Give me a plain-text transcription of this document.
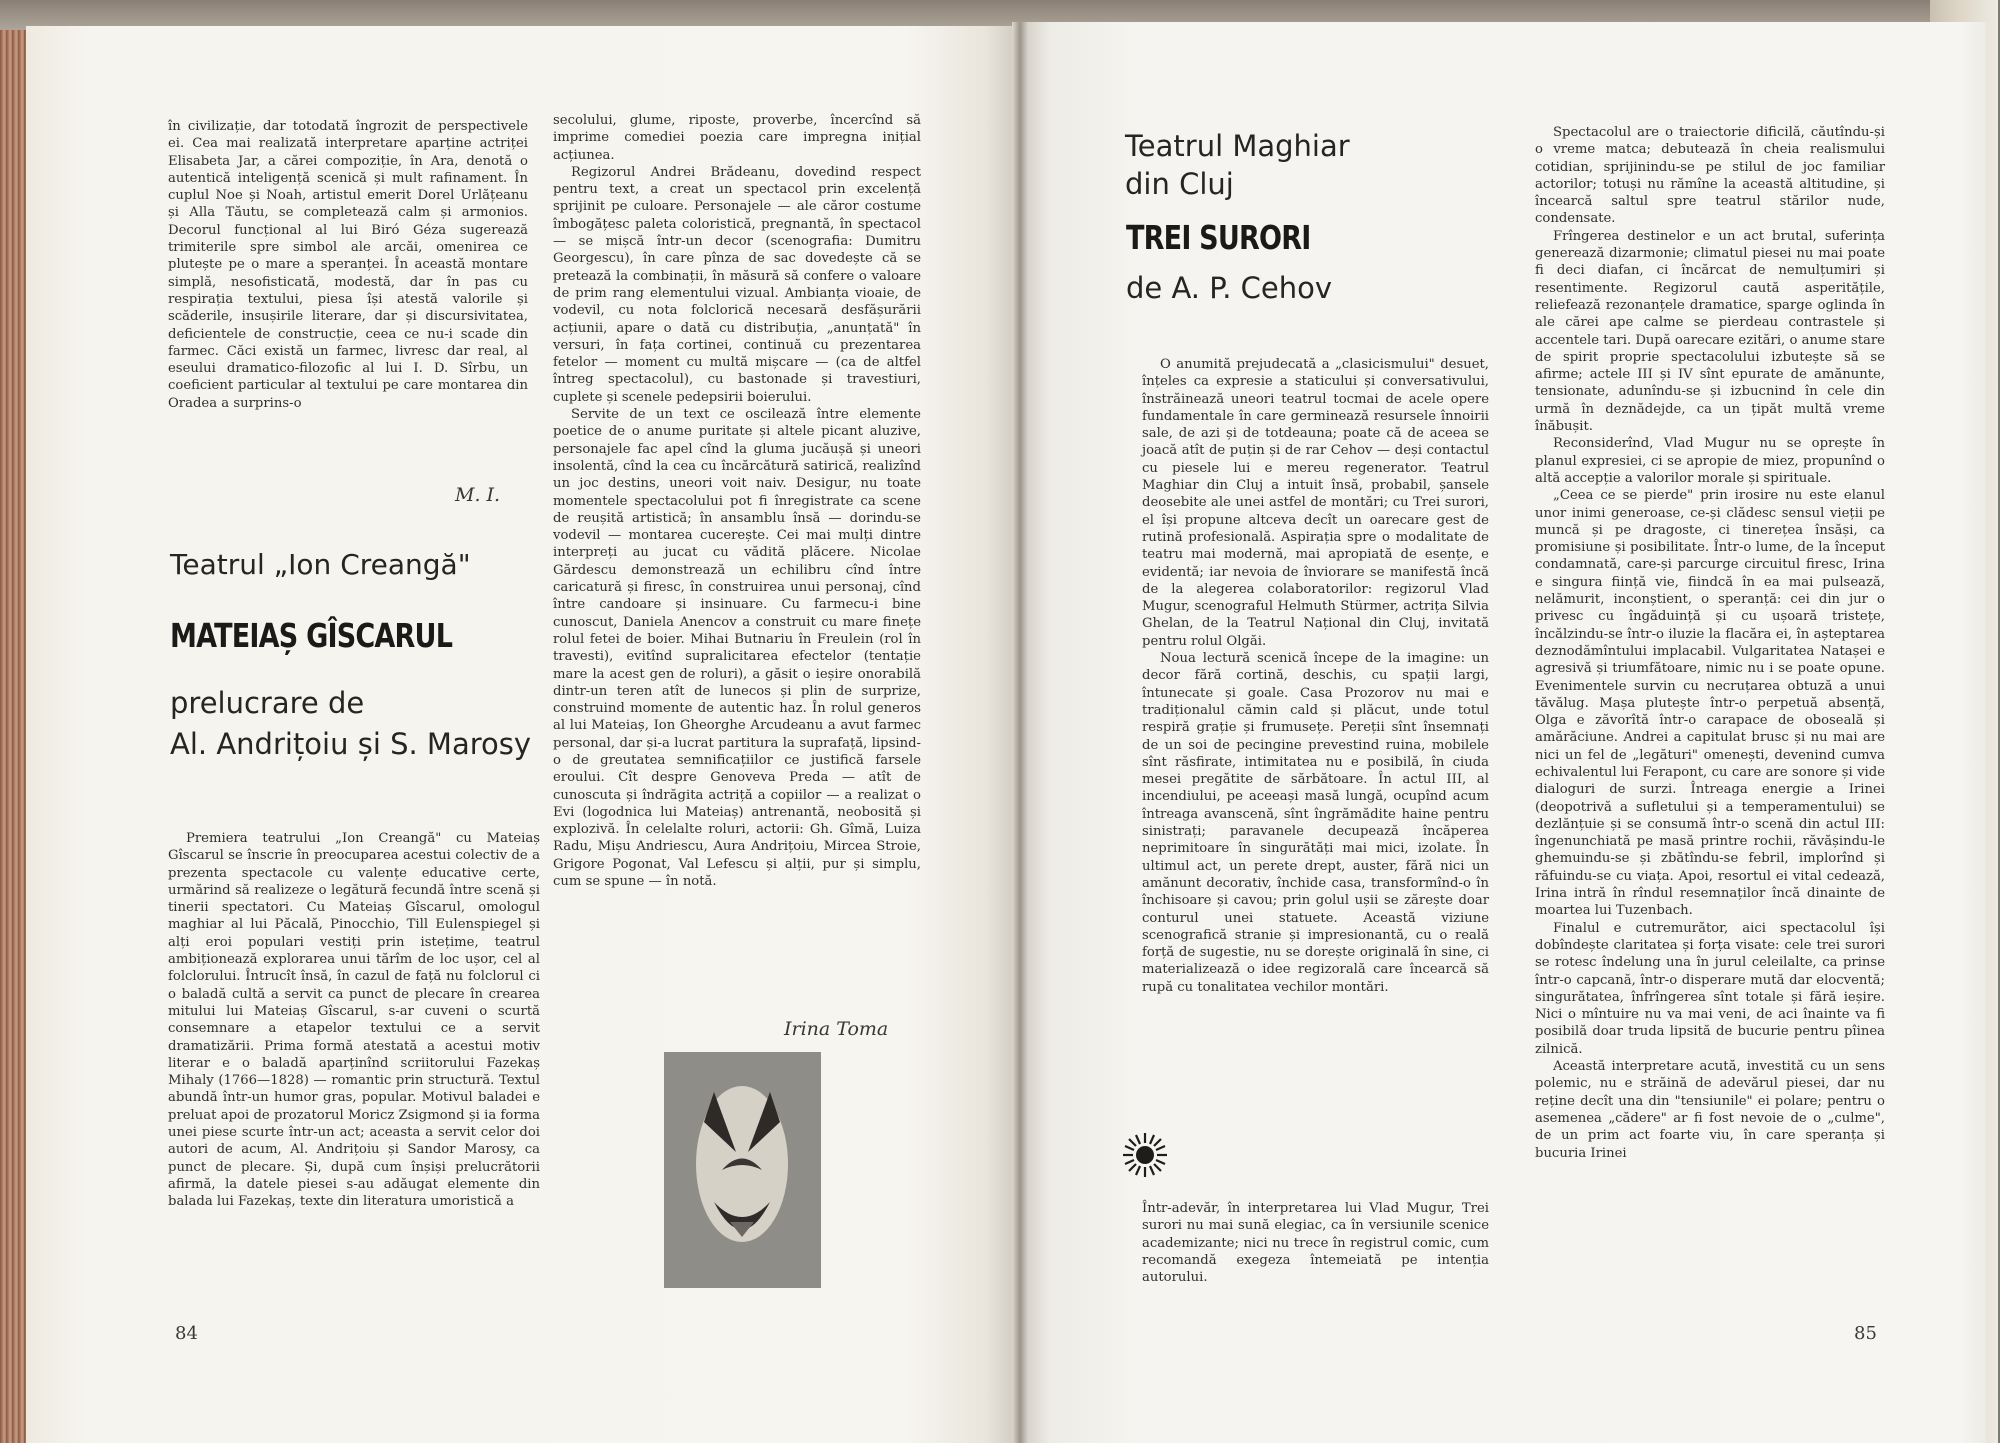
în civilizație, dar totodată îngrozit de perspectivele ei. Cea mai realizată interpretare aparține actriței Elisabeta Jar, a cărei compoziție, în Ara, denotă o autentică inteligență scenică și mult rafinament. În cuplul Noe și Noah, artistul emerit Dorel Urlățeanu și Alla Tăutu, se completează calm și armonios. Decorul funcțional al lui Biró Géza sugerează trimiterile spre simbol ale arcăi, omenirea ce plutește pe o mare a speranței. În această montare simplă, nesofisticată, modestă, dar în pas cu respirația textului, piesa își atestă valorile și scăderile, insușirile literare, dar și discursivitatea, deficientele de construcție, ceea ce nu-i scade din farmec. Căci există un farmec, livresc dar real, al eseului dramatico-filozofic al lui I. D. Sîrbu, un coeficient particular al textului pe care montarea din Oradea a surprins-o

M. I.
Teatrul „Ion Creangă"
MATEIAȘ GÎSCARUL
prelucrare de
Al. Andrițoiu și S. Marosy

Premiera teatrului „Ion Creangă" cu Mateiaș Gîscarul se înscrie în preocuparea acestui colectiv de a prezenta spectacole cu valențe educative certe, urmărind să realizeze o legătură fecundă între scenă și tinerii spectatori. Cu Mateiaș Gîscarul, omologul maghiar al lui Păcală, Pinocchio, Till Eulenspiegel și alți eroi populari vestiți prin istețime, teatrul ambiționează explorarea unui tărîm de loc ușor, cel al folclorului. Întrucît însă, în cazul de față nu folclorul ci o baladă cultă a servit ca punct de plecare în crearea mitului lui Mateiaș Gîscarul, s-ar cuveni o scurtă consemnare a etapelor textului ce a servit dramatizării. Prima formă atestată a acestui motiv literar e o baladă aparținînd scriitorului Fazekaș Mihaly (1766—1828) — romantic prin structură. Textul abundă într-un humor gras, popular. Motivul baladei e preluat apoi de prozatorul Moricz Zsigmond și ia forma unei piese scurte într-un act; aceasta a servit celor doi autori de acum, Al. Andrițoiu și Sandor Marosy, ca punct de plecare. Și, după cum înșiși prelucrătorii afirmă, la datele piesei s-au adăugat elemente din balada lui Fazekaș, texte din literatura umoristică a

secolului, glume, riposte, proverbe, încercînd să imprime comediei poezia care impregna inițial acțiunea.

Regizorul Andrei Brădeanu, dovedind respect pentru text, a creat un spectacol prin excelență sprijinit pe culoare. Personajele — ale căror costume îmbogățesc paleta coloristică, pregnantă, în spectacol — se mișcă într-un decor (scenografia: Dumitru Georgescu), în care pînza de sac dovedește că se pretează la combinații, în măsură să confere o valoare de prim rang elementului vizual. Ambianța vioaie, de vodevil, cu nota folclorică necesară desfășurării acțiunii, apare o dată cu distribuția, „anunțată" în versuri, în fața cortinei, continuă cu prezentarea fetelor — moment cu multă mișcare — (ca de altfel întreg spectacolul), cu bastonade și travestiuri, cuplete și scenele pedepsirii boierului.

Servite de un text ce oscilează între elemente poetice de o anume puritate și altele picant aluzive, personajele fac apel cînd la gluma jucăușă și uneori insolentă, cînd la cea cu încărcătură satirică, realizînd un joc destins, uneori voit naiv. Desigur, nu toate momentele spectacolului pot fi înregistrate ca scene de reușită artistică; în ansamblu însă — dorindu-se vodevil — montarea cucerește. Cei mai mulți dintre interpreți au jucat cu vădită plăcere. Nicolae Gărdescu demonstrează un echilibru cînd între caricatură și firesc, în construirea unui personaj, cînd între candoare și insinuare. Cu farmecu-i bine cunoscut, Daniela Anencov a construit cu mare finețe rolul fetei de boier. Mihai Butnariu în Freulein (rol în travesti), evitînd supralicitarea efectelor (tentație mare la acest gen de roluri), a găsit o ieșire onorabilă dintr-un teren atît de lunecos și plin de surprize, construind momente de autentic haz. În rolul generos al lui Mateiaș, Ion Gheorghe Arcudeanu a avut farmec personal, dar și-a lucrat partitura la suprafață, lipsind-o de greutatea semnificațiilor ce justifică farsele eroului. Cît despre Genoveva Preda — atît de cunoscuta și îndrăgita actriță a copiilor — a realizat o Evi (logodnica lui Mateiaș) antrenantă, neobosită și explozivă. În celelalte roluri, actorii: Gh. Gîmă, Luiza Radu, Mișu Andriescu, Aura Andrițoiu, Mircea Stroie, Grigore Pogonat, Val Lefescu și alții, pur și simplu, cum se spune — în notă.

Irina Toma
84
Teatrul Maghiar
din Cluj
TREI SURORI
de A. P. Cehov

O anumită prejudecată a „clasicismului" desuet, înțeles ca expresie a staticului și conversativului, înstrăinează uneori teatrul tocmai de acele opere fundamentale în care germinează resursele înnoirii sale, de azi și de totdeauna; poate că de aceea se joacă atît de puțin și de rar Cehov — deși contactul cu piesele lui e mereu regenerator. Teatrul Maghiar din Cluj a intuit însă, probabil, șansele deosebite ale unei astfel de montări; cu Trei surori, el își propune altceva decît un oarecare gest de rutină profesională. Aspirația spre o modalitate de teatru mai modernă, mai apropiată de esențe, e evidentă; iar nevoia de înviorare se manifestă încă de la alegerea colaboratorilor: regizorul Vlad Mugur, scenograful Helmuth Stürmer, actrița Silvia Ghelan, de la Teatrul Național din Cluj, invitată pentru rolul Olgăi.

Noua lectură scenică începe de la imagine: un decor fără cortină, deschis, cu spații largi, întunecate și goale. Casa Prozorov nu mai e tradiționalul cămin cald și plăcut, unde totul respiră grație și frumusețe. Pereții sînt însemnați de un soi de pecingine prevestind ruina, mobilele sînt răsfirate, intimitatea nu e posibilă, în ciuda mesei pregătite de sărbătoare. În actul III, al incendiului, pe aceeași masă lungă, ocupînd acum întreaga avanscenă, sînt îngrămădite haine pentru sinistrați; paravanele decupează încăperea neprimitoare în singurătăți mai mici, izolate. În ultimul act, un perete drept, auster, fără nici un amănunt decorativ, închide casa, transformînd-o în închisoare și cavou; prin golul ușii se zărește doar conturul unei statuete. Această viziune scenografică stranie și impresionantă, cu o reală forță de sugestie, nu se dorește originală în sine, ci materializează o idee regizorală care încearcă să rupă cu tonalitatea vechilor montări.

Într-adevăr, în interpretarea lui Vlad Mugur, Trei surori nu mai sună elegiac, ca în versiunile scenice academizante; nici nu trece în registrul comic, cum recomandă exegeza întemeiată pe intenția autorului.

Spectacolul are o traiectorie dificilă, căutîndu-și o vreme matca; debutează în cheia realismului cotidian, sprijinindu-se pe stilul de joc familiar actorilor; totuși nu rămîne la această altitudine, și încearcă saltul spre teatrul stărilor nude, condensate.

Frîngerea destinelor e un act brutal, suferința generează dizarmonie; climatul piesei nu mai poate fi deci diafan, ci încărcat de nemulțumiri și resentimente. Regizorul caută asperitățile, reliefează rezonanțele dramatice, sparge oglinda în ale cărei ape calme se pierdeau contrastele și accentele tari. După oarecare ezitări, o anume stare de spirit proprie spectacolului izbutește să se afirme; actele III și IV sînt epurate de amănunte, tensionate, adunîndu-se și izbucnind în cele din urmă în deznădejde, ca un țipăt multă vreme înăbușit.

Reconsiderînd, Vlad Mugur nu se oprește în planul expresiei, ci se apropie de miez, propunînd o altă accepție a valorilor morale și spirituale.

„Ceea ce se pierde" prin irosire nu este elanul unor inimi generoase, ce-și clădesc sensul vieții pe muncă și pe dragoste, ci tinerețea însăși, ca promisiune și posibilitate. Într-o lume, de la început condamnată, care-și parcurge circuitul firesc, Irina e singura ființă vie, fiindcă în ea mai pulsează, nelămurit, inconștient, o speranță: cei din jur o privesc cu îngăduință și cu ușoară tristețe, încălzindu-se într-o iluzie la flacăra ei, în așteptarea deznodămîntului implacabil. Vulgaritatea Natașei e agresivă și triumfătoare, nimic nu i se poate opune. Evenimentele survin cu necruțarea obtuză a unui tăvălug. Mașa plutește într-o perpetuă absență, Olga e zăvorîtă într-o carapace de oboseală și amărăciune. Andrei a capitulat brusc și nu mai are nici un fel de „legături" omenești, devenind cumva echivalentul lui Ferapont, cu care are sonore și vide dialoguri de surzi. Întreaga energie a Irinei (deopotrivă a sufletului și a temperamentului) se dezlănțuie și se consumă într-o scenă din actul III: îngenunchiată pe masă printre rochii, răvășindu-le ghemuindu-se și zbătîndu-se febril, implorînd și răfuindu-se cu viața. Apoi, resortul ei vital cedează, Irina intră în rîndul resemnaților încă dinainte de moartea lui Tuzenbach.

Finalul e cutremurător, aici spectacolul își dobîndește claritatea și forța visate: cele trei surori se rotesc îndelung una în jurul celeilalte, ca prinse într-o capcană, într-o disperare mută dar elocventă; singurătatea, înfrîngerea sînt totale și fără ieșire. Nici o mîntuire nu va mai veni, de aci înainte va fi posibilă doar truda lipsită de bucurie pentru pîinea zilnică.

Această interpretare acută, investită cu un sens polemic, nu e străină de adevărul piesei, dar nu reține decît una din "tensiunile" ei polare; pentru o asemenea „cădere" ar fi fost nevoie de o „culme", de un prim act foarte viu, în care speranța și bucuria Irinei

85
